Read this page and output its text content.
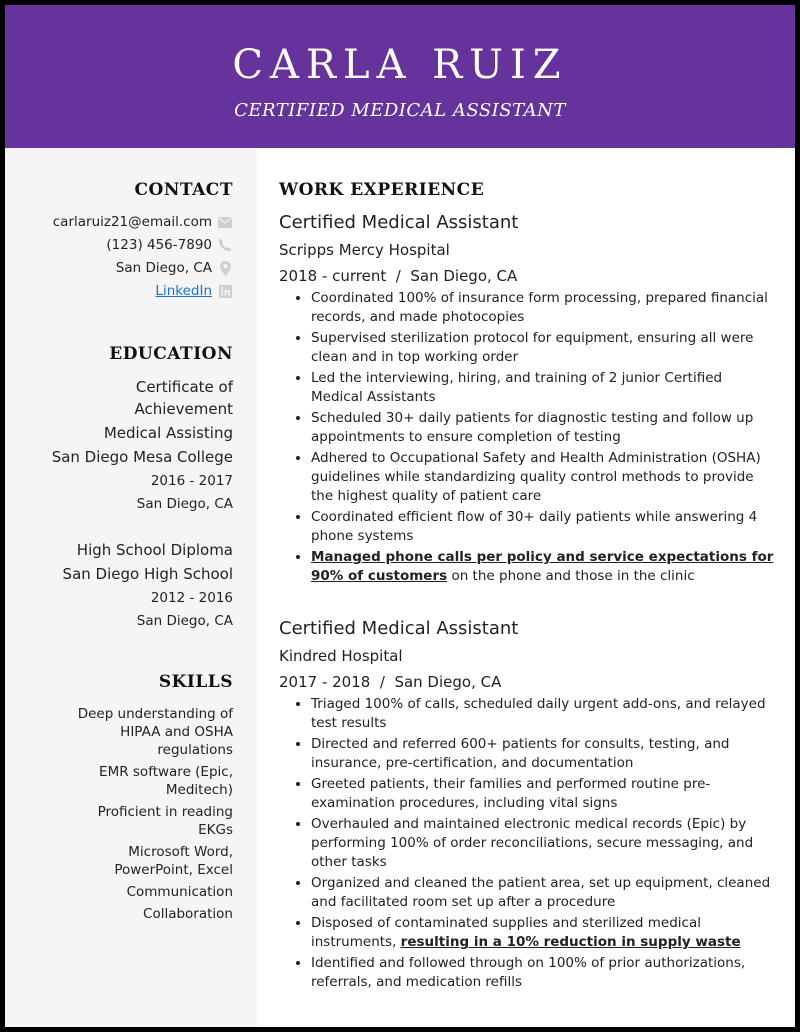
CARLA RUIZ
CERTIFIED MEDICAL ASSISTANT
CONTACT
carlaruiz21@email.com
(123) 456-7890
San Diego, CA
LinkedIn
EDUCATION
Certificate of Achievement
Medical Assisting
San Diego Mesa College
2016 - 2017
San Diego, CA
High School Diploma
San Diego High School
2012 - 2016
San Diego, CA
SKILLS
Deep understanding of HIPAA and OSHA regulations
EMR software (Epic, Meditech)
Proficient in reading EKGs
Microsoft Word, PowerPoint, Excel
Communication
Collaboration
WORK EXPERIENCE
Certified Medical Assistant
Scripps Mercy Hospital
2018 - current  /  San Diego, CA
• Coordinated 100% of insurance form processing, prepared financial records, and made photocopies
• Supervised sterilization protocol for equipment, ensuring all were clean and in top working order
• Led the interviewing, hiring, and training of 2 junior Certified Medical Assistants
• Scheduled 30+ daily patients for diagnostic testing and follow up appointments to ensure completion of testing
• Adhered to Occupational Safety and Health Administration (OSHA) guidelines while standardizing quality control methods to provide the highest quality of patient care
• Coordinated efficient flow of 30+ daily patients while answering 4 phone systems
• Managed phone calls per policy and service expectations for 90% of customers on the phone and those in the clinic
Certified Medical Assistant
Kindred Hospital
2017 - 2018  /  San Diego, CA
• Triaged 100% of calls, scheduled daily urgent add-ons, and relayed test results
• Directed and referred 600+ patients for consults, testing, and insurance, pre-certification, and documentation
• Greeted patients, their families and performed routine pre-examination procedures, including vital signs
• Overhauled and maintained electronic medical records (Epic) by performing 100% of order reconciliations, secure messaging, and other tasks
• Organized and cleaned the patient area, set up equipment, cleaned and facilitated room set up after a procedure
• Disposed of contaminated supplies and sterilized medical instruments, resulting in a 10% reduction in supply waste
• Identified and followed through on 100% of prior authorizations, referrals, and medication refills
